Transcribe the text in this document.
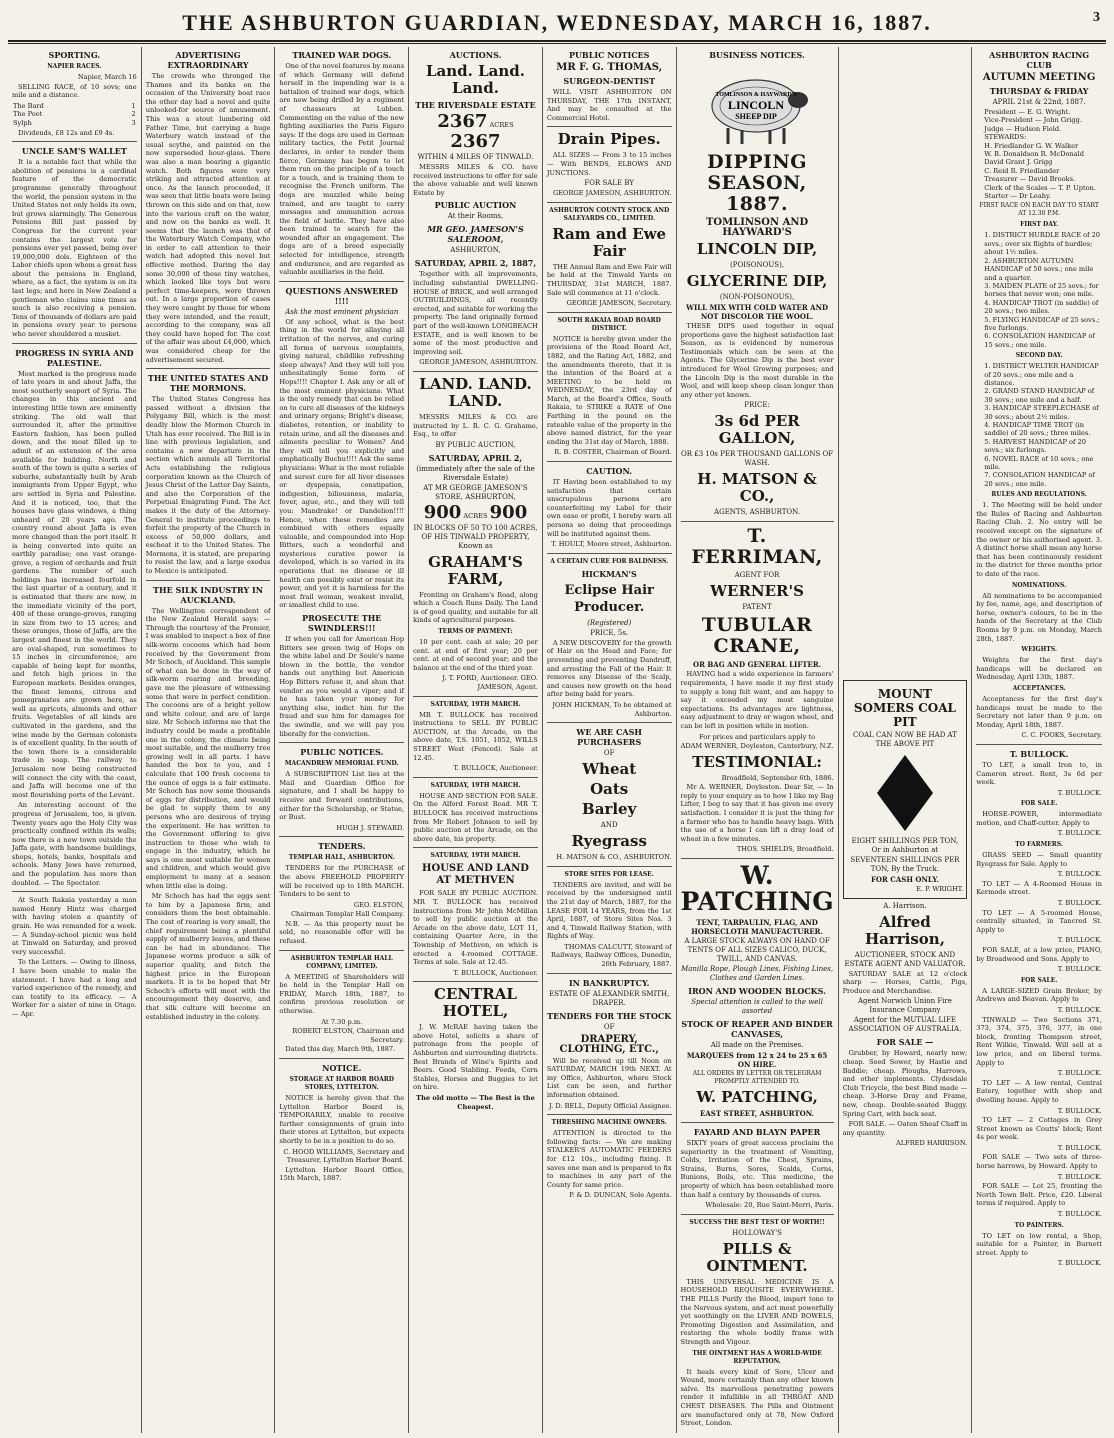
THE ASHBURTON GUARDIAN, WEDNESDAY, MARCH 16, 1887.	3
SPORTING.
NAPIER RACES.
Napier, March 16
SELLING RACE, of 10 sovs; one mile and a distance.
The Bard	1
The Poet	2
Sylph	3
Dividends, £8 12s and £9 4s.
UNCLE SAM'S WALLET
It is a notable fact that while the abolition of pensions is a cardinal feature of the democratic programme generally throughout the world, the pension system in the United States not only holds its own, but grows alarmingly. The Generous Pensions Bill just passed by Congress for the current year contains the largest vote for pensions ever yet passed, being over 19,000,000 dols. Eighteen of the Labor chiefs upon whom a great fuss about the pensions in England, where, as a fact, the system is on its last legs; and here in New Zealand a gentleman who claims nine times as much is also receiving a pension. Tens of thousands of dollars are paid in pensions every year to persons who never shouldered a musket.
PROGRESS IN SYRIA AND PALESTINE.
Most marked is the progress made of late years in and about Jaffa, the most southerly seaport of Syria. The changes in this ancient and interesting little town are eminently striking. The old wall that surrounded it, after the primitive Eastern fashion, has been pulled down, and the moat filled up to admit of an extension of the area available for building. North and south of the town is quite a series of suburbs, substantially built by Arab immigrants from Upper Egypt, who are settled in Syria and Palestine. And it is noticed, too, that the houses have glass windows, a thing unheard of 20 years ago. The country round about Jaffa is even more changed than the port itself. It is being converted into quite an earthly paradise; one vast orange-grove, a region of orchards and fruit gardens. The number of such holdings has increased fourfold in the last quarter of a century, and it is estimated that there are now, in the immediate vicinity of the port, 400 of these orange-groves, ranging in size from two to 15 acres; and these oranges, those of Jaffa, are the largest and finest in the world. They are oval-shaped, run sometimes to 15 inches in circumference, are capable of being kept for months, and fetch high prices in the European markets. Besides oranges, the finest lemons, citrons and pomegranates are grown here, as well as apricots, almonds and other fruits. Vegetables of all kinds are cultivated in the gardens, and the wine made by the German colonists is of excellent quality. In the south of the town there is a considerable trade in soap. The railway to Jerusalem now being constructed will connect the city with the coast, and Jaffa will become one of the most flourishing ports of the Levant.
An interesting account of the progress of Jerusalem, too, is given. Twenty years ago the Holy City was practically confined within its walls; now there is a new town outside the Jaffa gate, with handsome buildings, shops, hotels, banks, hospitals and schools. Many Jews have returned, and the population has more than doubled. — The Spectator.
At South Rakaia yesterday a man named Henry Hintz was charged with having stolen a quantity of grain. He was remanded for a week. — A Sunday-school picnic was held at Tinwald on Saturday, and proved very successful.
To the Letters. — Owing to illness, I have been unable to make the statement. I have had a long and varied experience of the remedy, and can testify to its efficacy. — A Worker for a sister of nine in Otago. — Apr.
ADVERTISING EXTRAORDINARY
The crowds who thronged the Thames and its banks on the occasion of the University boat race the other day had a novel and quite unlooked-for source of amusement. This was a stout lumbering old Father Time, but carrying a huge Waterbury watch instead of the usual scythe, and painted on the now superseded hour-glass. There was also a man bearing a gigantic watch. Both figures were very striking and attracted attention at once. As the launch proceeded, it was seen that little boats were being thrown on this side and on that, now into the various craft on the water, and now on the banks as well. It seems that the launch was that of the Waterbury Watch Company, who in order to call attention to their watch had adopted this novel but effective method. During the day some 30,000 of these tiny watches, which looked like toys but were perfect time-keepers, were thrown out. In a large proportion of cases they were caught by those for whom they were intended, and the result, according to the company, was all they could have hoped for. The cost of the affair was about £4,000, which was considered cheap for the advertisement secured.
THE UNITED STATES AND THE MORMONS.
The United States Congress has passed without a division the Polygamy Bill, which is the most deadly blow the Mormon Church in Utah has ever received. The Bill is in line with previous legislation, and contains a new departure in the section which annuls all Territorial Acts establishing the religious corporation known as the Church of Jesus Christ of the Latter Day Saints, and also the Corporation of the Perpetual Emigrating Fund. The Act makes it the duty of the Attorney-General to institute proceedings to forfeit the property of the Church in excess of 50,000 dollars, and escheat it to the United States. The Mormons, it is stated, are preparing to resist the law, and a large exodus to Mexico is anticipated.
THE SILK INDUSTRY IN AUCKLAND.
The Wellington correspondent of the New Zealand Herald says: — Through the courtesy of the Premier, I was enabled to inspect a box of fine silk-worm cocoons which had been received by the Government from Mr Schoch, of Auckland. This sample of what can be done in the way of silk-worm rearing and breeding, gave me the pleasure of witnessing some that were in perfect condition. The cocoons are of a bright yellow and white colour, and are of large size. Mr Schoch informs me that the industry could be made a profitable one in the colony, the climate being most suitable, and the mulberry tree growing well in all parts. I have handed the box to you, and I calculate that 100 fresh cocoons to the ounce of eggs is a fair estimate. Mr Schoch has now some thousands of eggs for distribution, and would be glad to supply them to any persons who are desirous of trying the experiment. He has written to the Government offering to give instruction to those who wish to engage in the industry, which he says is one most suitable for women and children, and which would give employment to many at a season when little else is doing.
Mr Schoch has had the eggs sent to him by a Japanese firm, and considers them the best obtainable. The cost of rearing is very small, the chief requirement being a plentiful supply of mulberry leaves, and these can be had in abundance. The Japanese worms produce a silk of superior quality, and fetch the highest price in the European markets. It is to be hoped that Mr Schoch's efforts will meet with the encouragement they deserve, and that silk culture will become an established industry in the colony.
TRAINED WAR DOGS.
One of the novel features by means of which Germany will defend herself in the impending war is a battalion of trained war dogs, which are now being drilled by a regiment of chasseurs at Lubben. Commenting on the value of the new fighting auxiliaries the Paris Figaro says: If the dogs are used in German military tactics, the Petit Journal declares, in order to render them fierce, Germany has begun to let them run on the principle of a touch for a touch, and is training them to recognise the French uniform. The dogs are muzzled while being trained, and are taught to carry messages and ammunition across the field of battle. They have also been trained to search for the wounded after an engagement. The dogs are of a breed especially selected for intelligence, strength and endurance, and are regarded as valuable auxiliaries in the field.
QUESTIONS ANSWERED !!!!
Ask the most eminent physician
Of any school, what is the best thing in the world for allaying all irritation of the nerves, and curing all forms of nervous complaints, giving natural, childlike refreshing sleep always? And they will tell you unhesitatingly Some form of Hops!!!! Chapter I. Ask any or all of the most eminent physicians: What is the only remedy that can be relied on to cure all diseases of the kidneys and urinary organs; Bright's disease, diabetes, retention, or inability to retain urine, and all the diseases and ailments peculiar to Women? And they will tell you explicitly and emphatically Buchu!!!! Ask the same physicians: What is the most reliable and surest cure for all liver diseases or dyspepsia, constipation, indigestion, biliousness, malaria, fever, ague, etc., and they will tell you: Mandrake! or Dandelion!!!! Hence, when these remedies are combined with others equally valuable, and compounded into Hop Bitters, such a wonderful and mysterious curative power is developed, which is so varied in its operations that no disease or ill health can possibly exist or resist its power, and yet it is harmless for the most frail woman, weakest invalid, or smallest child to use.
PROSECUTE THE SWINDLERS!!!
If when you call for American Hop Bitters see green twig of Hops on the white label and Dr Soule's name blown in the bottle, the vendor hands out anything but American Hop Bitters refuse it, and shun that vendor as you would a viper; and if he has taken your money for anything else, indict him for the fraud and sue him for damages for the swindle, and we will pay you liberally for the conviction.
PUBLIC NOTICES.
MACANDREW MEMORIAL FUND.
A SUBSCRIPTION List lies at the Mail and Guardian Office for signature, and I shall be happy to receive and forward contributions, either for the Scholarship, or Statue, or Bust.
HUGH J. STEWARD.
TENDERS.
TEMPLAR HALL, ASHBURTON.
TENDERS for the PURCHASE of the above FREEHOLD PROPERTY will be received up to 18th MARCH. Tenders to be sent to
GEO. ELSTON,
Chairman Templar Hall Company.
N.B. — As this property must be sold, no reasonable offer will be refused.
ASHBURTON TEMPLAR HALL COMPANY, LIMITED.
A MEETING of Shareholders will be held in the Templar Hall on FRIDAY, March 18th, 1887, to confirm previous resolution or otherwise.
At 7.30 p.m.
ROBERT ELSTON, Chairman and Secretary.
Dated this day, March 9th, 1887.
NOTICE.
STORAGE AT HARBOR BOARD STORES, LYTTELTON.
NOTICE is hereby given that the Lyttelton Harbor Board is, TEMPORARILY, unable to receive further consignments of grain into their stores at Lyttelton, but expects shortly to be in a position to do so.
C. HOOD WILLIAMS, Secretary and Treasurer, Lyttelton Harbor Board.
Lyttelton Harbor Board Office, 15th March, 1887.
AUCTIONS.
Land. Land. Land.
THE RIVERSDALE ESTATE
2367 ACRES 2367
WITHIN 4 MILES OF TINWALD.
MESSRS MILES & CO. have received instructions to offer for sale the above valuable and well known Estate by
PUBLIC AUCTION
At their Rooms,
MR GEO. JAMESON'S SALEROOM,
ASHBURTON,
SATURDAY, APRIL 2, 1887,
Together with all improvements, including substantial DWELLING-HOUSE of BRICK, and well arranged OUTBUILDINGS, all recently erected, and suitable for working the property. The land originally formed part of the well-known LONGBEACH ESTATE, and is well known to be some of the most productive and improving soil.
GEORGE JAMESON, ASHBURTON.
LAND. LAND. LAND.
MESSRS MILES & CO. are instructed by L. R. C. G. Grahame, Esq., to offer
BY PUBLIC AUCTION,
SATURDAY, APRIL 2,
(immediately after the sale of the Riversdale Estate)
AT MR GEORGE JAMESON'S STORE, ASHBURTON,
900 ACRES 900
IN BLOCKS OF 50 TO 100 ACRES, OF HIS TINWALD PROPERTY, Known as
GRAHAM'S FARM,
Fronting on Graham's Road, along which a Coach Runs Daily. The Land is of good quality, and suitable for all kinds of agricultural purposes.
TERMS OF PAYMENT:
10 per cent. cash at sale; 20 per cent. at end of first year; 20 per cent. at end of second year; and the balance at the end of the third year.
J. T. FORD, Auctioneer. GEO. JAMESON, Agent.
SATURDAY, 19TH MARCH.
MR T. BULLOCK has received instructions to SELL BY PUBLIC AUCTION, at the Arcade, on the above date, T.S. 1051, 1052, WILLS STREET West (Fenced). Sale at 12.45.
T. BULLOCK, Auctioneer.
SATURDAY, 19TH MARCH.
HOUSE AND SECTION FOR SALE. On the Alford Forest Road. MR T. BULLOCK has received instructions from Mr Robert Johnson to sell by public auction at the Arcade, on the above date, his property.
SATURDAY, 19TH MARCH.
HOUSE AND LAND AT METHVEN
FOR SALE BY PUBLIC AUCTION. MR T. BULLOCK has received instructions from Mr John McMillan to sell by public auction at the Arcade on the above date, LOT 11, containing Quarter Acre, in the Township of Methven, on which is erected a 4-roomed COTTAGE. Terms at sale. Sale at 12.45.
T. BULLOCK, Auctioneer.
CENTRAL HOTEL,
J. W. McRAE having taken the above Hotel, solicits a share of patronage from the people of Ashburton and surrounding districts. Best Brands of Wine's Spirits and Beers. Good Stabling. Feeds, Corn Stables, Horses and Buggies to let on hire.
The old motto — The Best is the Cheapest.
PUBLIC NOTICES
MR F. G. THOMAS,
SURGEON-DENTIST
WILL VISIT ASHBURTON ON THURSDAY, THE 17th INSTANT, And may be consulted at the Commercial Hotel.
Drain Pipes.
ALL SIZES — From 3 to 15 inches — With BENDS, ELBOWS AND JUNCTIONS.
FOR SALE BY
GEORGE JAMESON, ASHBURTON.
ASHBURTON COUNTY STOCK AND SALEYARDS CO., LIMITED.
Ram and Ewe Fair
THE Annual Ram and Ewe Fair will be held at the Tinwald Yards on THURSDAY, 31st MARCH, 1887. Sale will commence at 11 o'clock.
GEORGE JAMESON, Secretary.
SOUTH RAKAIA ROAD BOARD DISTRICT.
NOTICE is hereby given under the provisions of the Road Board Act, 1882, and the Rating Act, 1882, and the amendments thereto, that it is the intention of the Board at a MEETING to be held on WEDNESDAY, the 23rd day of March, at the Board's Office, South Rakaia, to STRIKE a RATE of One Farthing in the pound on the rateable value of the property in the above named district, for the year ending the 31st day of March, 1888.
R. B. COSTER, Chairman of Board.
CAUTION.
IT Having been established to my satisfaction that certain unscrupulous persons are counterfeiting my Label for their own ease or profit, I hereby warn all persons so doing that proceedings will be instituted against them.
T. HOULT, Moore street, Ashburton.
A CERTAIN CURE FOR BALDNESS.
HICKMAN'S
Eclipse Hair Producer.
(Registered)
PRICE, 5s.
A NEW DISCOVERY for the growth of Hair on the Head and Face; for preventing and preventing Dandruff, and arresting the Fall of the Hair. It removes any Disease of the Scalp, and causes new growth on the head after being bald for years.
JOHN HICKMAN, To be obtained at Ashburton.
WE ARE CASH PURCHASERS
OF
Wheat
Oats
Barley
AND
Ryegrass
H. MATSON & CO., ASHBURTON.
STORE SITES FOR LEASE.
TENDERS are invited, and will be received by the undersigned until the 21st day of March, 1887, for the LEASE FOR 14 YEARS, from the 1st April, 1887, of Store Sites Nos. 3 and 4, Tinwald Railway Station, with Rights of Way.
THOMAS CALCUTT, Steward of Railways, Railway Offices, Dunedin, 26th February, 1887.
IN BANKRUPTCY.
ESTATE OF ALEXANDER SMITH, DRAPER.
TENDERS FOR THE STOCK
OF
DRAPERY, CLOTHING, ETC.,
Will be received up till Noon on SATURDAY, MARCH 19th NEXT. At my Office, Ashburton, where Stock List can be seen, and further information obtained.
J. D. BELL, Deputy Official Assignee.
THRESHING MACHINE OWNERS.
ATTENTION is directed to the following facts: — We are making STALKER'S AUTOMATIC FEEDERS for £12 10s., including fixing. It saves one man and is prepared to fix to machines in any part of the County for same price.
P. & D. DUNCAN, Sole Agents.
BUSINESS NOTICES.
TOMLINSON & HAYWARD'S
LINCOLN
SHEEP DIP
DIPPING SEASON, 1887.
TOMLINSON AND HAYWARD'S
LINCOLN DIP,
(POISONOUS),
GLYCERINE DIP,
(NON-POISONOUS),
WILL MIX WITH COLD WATER AND NOT DISCOLOR THE WOOL.
THESE DIPS used together in equal proportions gave the highest satisfaction last Season, as is evidenced by numerous Testimonials which can be seen at the Agents. The Glycerine Dip is the best ever introduced for Wool Growing purposes; and the Lincoln Dip is the most durable in the Wool, and will keep sheep clean longer than any other yet known.
PRICE:
3s 6d PER GALLON,
OR £3 10s PER THOUSAND GALLONS OF WASH.
H. MATSON & CO.,
AGENTS, ASHBURTON.
T. FERRIMAN,
AGENT FOR
WERNER'S
PATENT
TUBULAR CRANE,
OR BAG AND GENERAL LIFTER.
HAVING had a wide experience in farmers' requirements, I have made it my first study to supply a long felt want, and am happy to say it exceeded my most sanguine expectations. Its advantages are lightness, easy adjustment to dray or wagon wheel, and can be left in position while in motion.
For prices and particulars apply to
ADAM WERNER, Doyleston, Canterbury, N.Z.
TESTIMONIAL:
Broadfield, September 6th, 1886.
Mr A. WERNER, Doyleston. Dear Sir, — In reply to your enquiry as to how I like my Bag Lifter, I beg to say that it has given me every satisfaction. I consider it is just the thing for a farmer who has to handle heavy bags. With the use of a horse I can lift a dray load of wheat in a few minutes.
THOS. SHIELDS, Broadfield.
W. PATCHING
TENT, TARPAULIN, FLAG, AND HORSECLOTH MANUFACTURER.
A LARGE STOCK ALWAYS ON HAND OF TENTS OF ALL SIZES CALICO, DUCK, TWILL, AND CANVAS.
Manilla Rope, Plough Lines, Fishing Lines, Clothes and Garden Lines.
IRON AND WOODEN BLOCKS.
Special attention is called to the well assorted
STOCK OF REAPER AND BINDER CANVASES,
All made on the Premises.
MARQUEES from 12 x 24 to 25 x 65 ON HIRE.
ALL ORDERS BY LETTER OR TELEGRAM PROMPTLY ATTENDED TO.
W. PATCHING,
EAST STREET, ASHBURTON.
FAYARD AND BLAYN PAPER
SIXTY years of great success proclaim the superiority in the treatment of Vomiting, Colds, Irritation of the Chest, Sprains, Strains, Burns, Sores, Scalds, Corns, Bunions, Boils, etc. This medicine, the property of which has been established more than half a century by thousands of cures.
Wholesale: 20, Rue Saint-Merri, Paris.
SUCCESS THE BEST TEST OF WORTH!!
HOLLOWAY'S
PILLS & OINTMENT.
THIS UNIVERSAL MEDICINE IS A HOUSEHOLD REQUISITE EVERYWHERE. THE PILLS Purify the Blood, impart tone to the Nervous system, and act most powerfully yet soothingly on the LIVER AND BOWELS, Promoting Digestion and Assimilation, and restoring the whole bodily frame with Strength and Vigour.
THE OINTMENT HAS A WORLD-WIDE REPUTATION.
It heals every kind of Sore, Ulcer and Wound, more certainly than any other known salve. Its marvellous penetrating powers render it infallible in all THROAT AND CHEST DISEASES. The Pills and Ointment are manufactured only at 78, New Oxford Street, London.
MOUNT SOMERS COAL PIT
COAL CAN NOW BE HAD AT THE ABOVE PIT
EIGHT SHILLINGS PER TON, Or in Ashburton at
SEVENTEEN SHILLINGS PER TON, By the Truck.
FOR CASH ONLY.
E. P. WRIGHT.
A. Harrison.
Alfred Harrison,
AUCTIONEER, STOCK AND ESTATE AGENT AND VALUATOR.
SATURDAY SALE at 12 o'clock sharp — Horses, Cattle, Pigs, Produce and Merchandise.
Agent Norwich Union Fire Insurance Company
Agent for the MUTUAL LIFE ASSOCIATION OF AUSTRALIA.
FOR SALE —
Grubber, by Howard, nearly new; cheap. Seed Sower, by Hastie and Baddie; cheap. Ploughs, Harrows, and other implements. Clydesdale Club Tricycle, the best Bind made — cheap. 3-Horse Dray and Frame, new, cheap. Double-seated Buggy. Spring Cart, with back seat.
FOR SALE. — Oaten Sheaf Chaff in any quantity.
ALFRED HARRISON.
ASHBURTON RACING CLUB
AUTUMN MEETING
THURSDAY & FRIDAY
APRIL 21st & 22nd, 1887.
President — E. G. Wright.
Vice-President — John Grigg.
Judge — Hudson Field.
STEWARDS:
H. Friedlander G. W. Walker
W. B. Donaldson R. McDonald
David Grant J. Grigg
C. Reid R. Friedlander
Treasurer — David Brooks.
Clerk of the Scales — T. P. Upton.
Starter — Dr Leahy.
FIRST RACE ON EACH DAY TO START AT 12.30 P.M.
FIRST DAY.
1. DISTRICT HURDLE RACE of 20 sovs.; over six flights of hurdles; about 1½ miles.
2. ASHBURTON AUTUMN HANDICAP of 50 sovs.; one mile and a quarter.
3. MAIDEN PLATE of 25 sovs.; for horses that never won; one mile.
4. HANDICAP TROT (in saddle) of 20 sovs.; two miles.
5. FLYING HANDICAP of 25 sovs.; five furlongs.
6. CONSOLATION HANDICAP of 15 sovs.; one mile.
SECOND DAY.
1. DISTRICT WELTER HANDICAP of 20 sovs.; one mile and a distance.
2. GRAND STAND HANDICAP of 30 sovs.; one mile and a half.
3. HANDICAP STEEPLECHASE of 30 sovs.; about 2½ miles.
4. HANDICAP TIME TROT (in saddle) of 20 sovs.; three miles.
5. HARVEST HANDICAP of 20 sovs.; six furlongs.
6. NOVEL RACE of 10 sovs.; one mile.
7. CONSOLATION HANDICAP of 20 sovs.; one mile.
RULES AND REGULATIONS.
1. The Meeting will be held under the Rules of Racing and Ashburton Racing Club. 2. No entry will be received except on the signature of the owner or his authorised agent. 3. A distinct horse shall mean any horse that has been continuously resident in the district for three months prior to date of the race.
NOMINATIONS.
All nominations to be accompanied by fee, name, age, and description of horse, owner's colours, to be in the hands of the Secretary at the Club Rooms by 9 p.m. on Monday, March 28th, 1887.
WEIGHTS.
Weights for the first day's handicaps will be declared on Wednesday, April 13th, 1887.
ACCEPTANCES.
Acceptances for the first day's handicaps must be made to the Secretary not later than 9 p.m. on Monday, April 18th, 1887.
C. C. FOOKS, Secretary.
T. BULLOCK.
TO LET, a small Iron to, in Cameron street. Rent, 3s 6d per week.
T. BULLOCK.
FOR SALE.
HORSE-POWER, intermediate motion, and Chaff-cutter. Apply to
T. BULLOCK.
TO FARMERS.
GRASS SEED — Small quantity Ryegrass for Sale. Apply to
T. BULLOCK.
TO LET — A 4-Roomed House in Kermode street.
T. BULLOCK.
TO LET — A 5-roomed House, centrally situated, in Tancred St. Apply to
T. BULLOCK.
FOR SALE, at a low price, PIANO, by Broadwood and Sons. Apply to
T. BULLOCK.
FOR SALE.
A LARGE-SIZED Grain Broker, by Andrews and Beavan. Apply to
T. BULLOCK.
TINWALD — Two Sections 371, 373, 374, 375, 376, 377, in one block, fronting Thompson street, Rent Wilkie, Tinwald. Will sell at a low price, and on liberal terms. Apply to
T. BULLOCK.
TO LET — A low rental, Central Eatery, together with shop and dwelling house. Apply to
T. BULLOCK.
TO LET — 2 Cottages in Grey Street known as Coutts' block; Rent 4s per week.
T. BULLOCK.
FOR SALE — Two sets of three-horse harrows, by Howard. Apply to
T. BULLOCK.
FOR SALE — Lot 25, fronting the North Town Belt. Price, £20. Liberal terms if required. Apply to
T. BULLOCK.
TO PAINTERS.
TO LET on low rental, a Shop, suitable for a Painter, in Burnett street. Apply to
T. BULLOCK.
